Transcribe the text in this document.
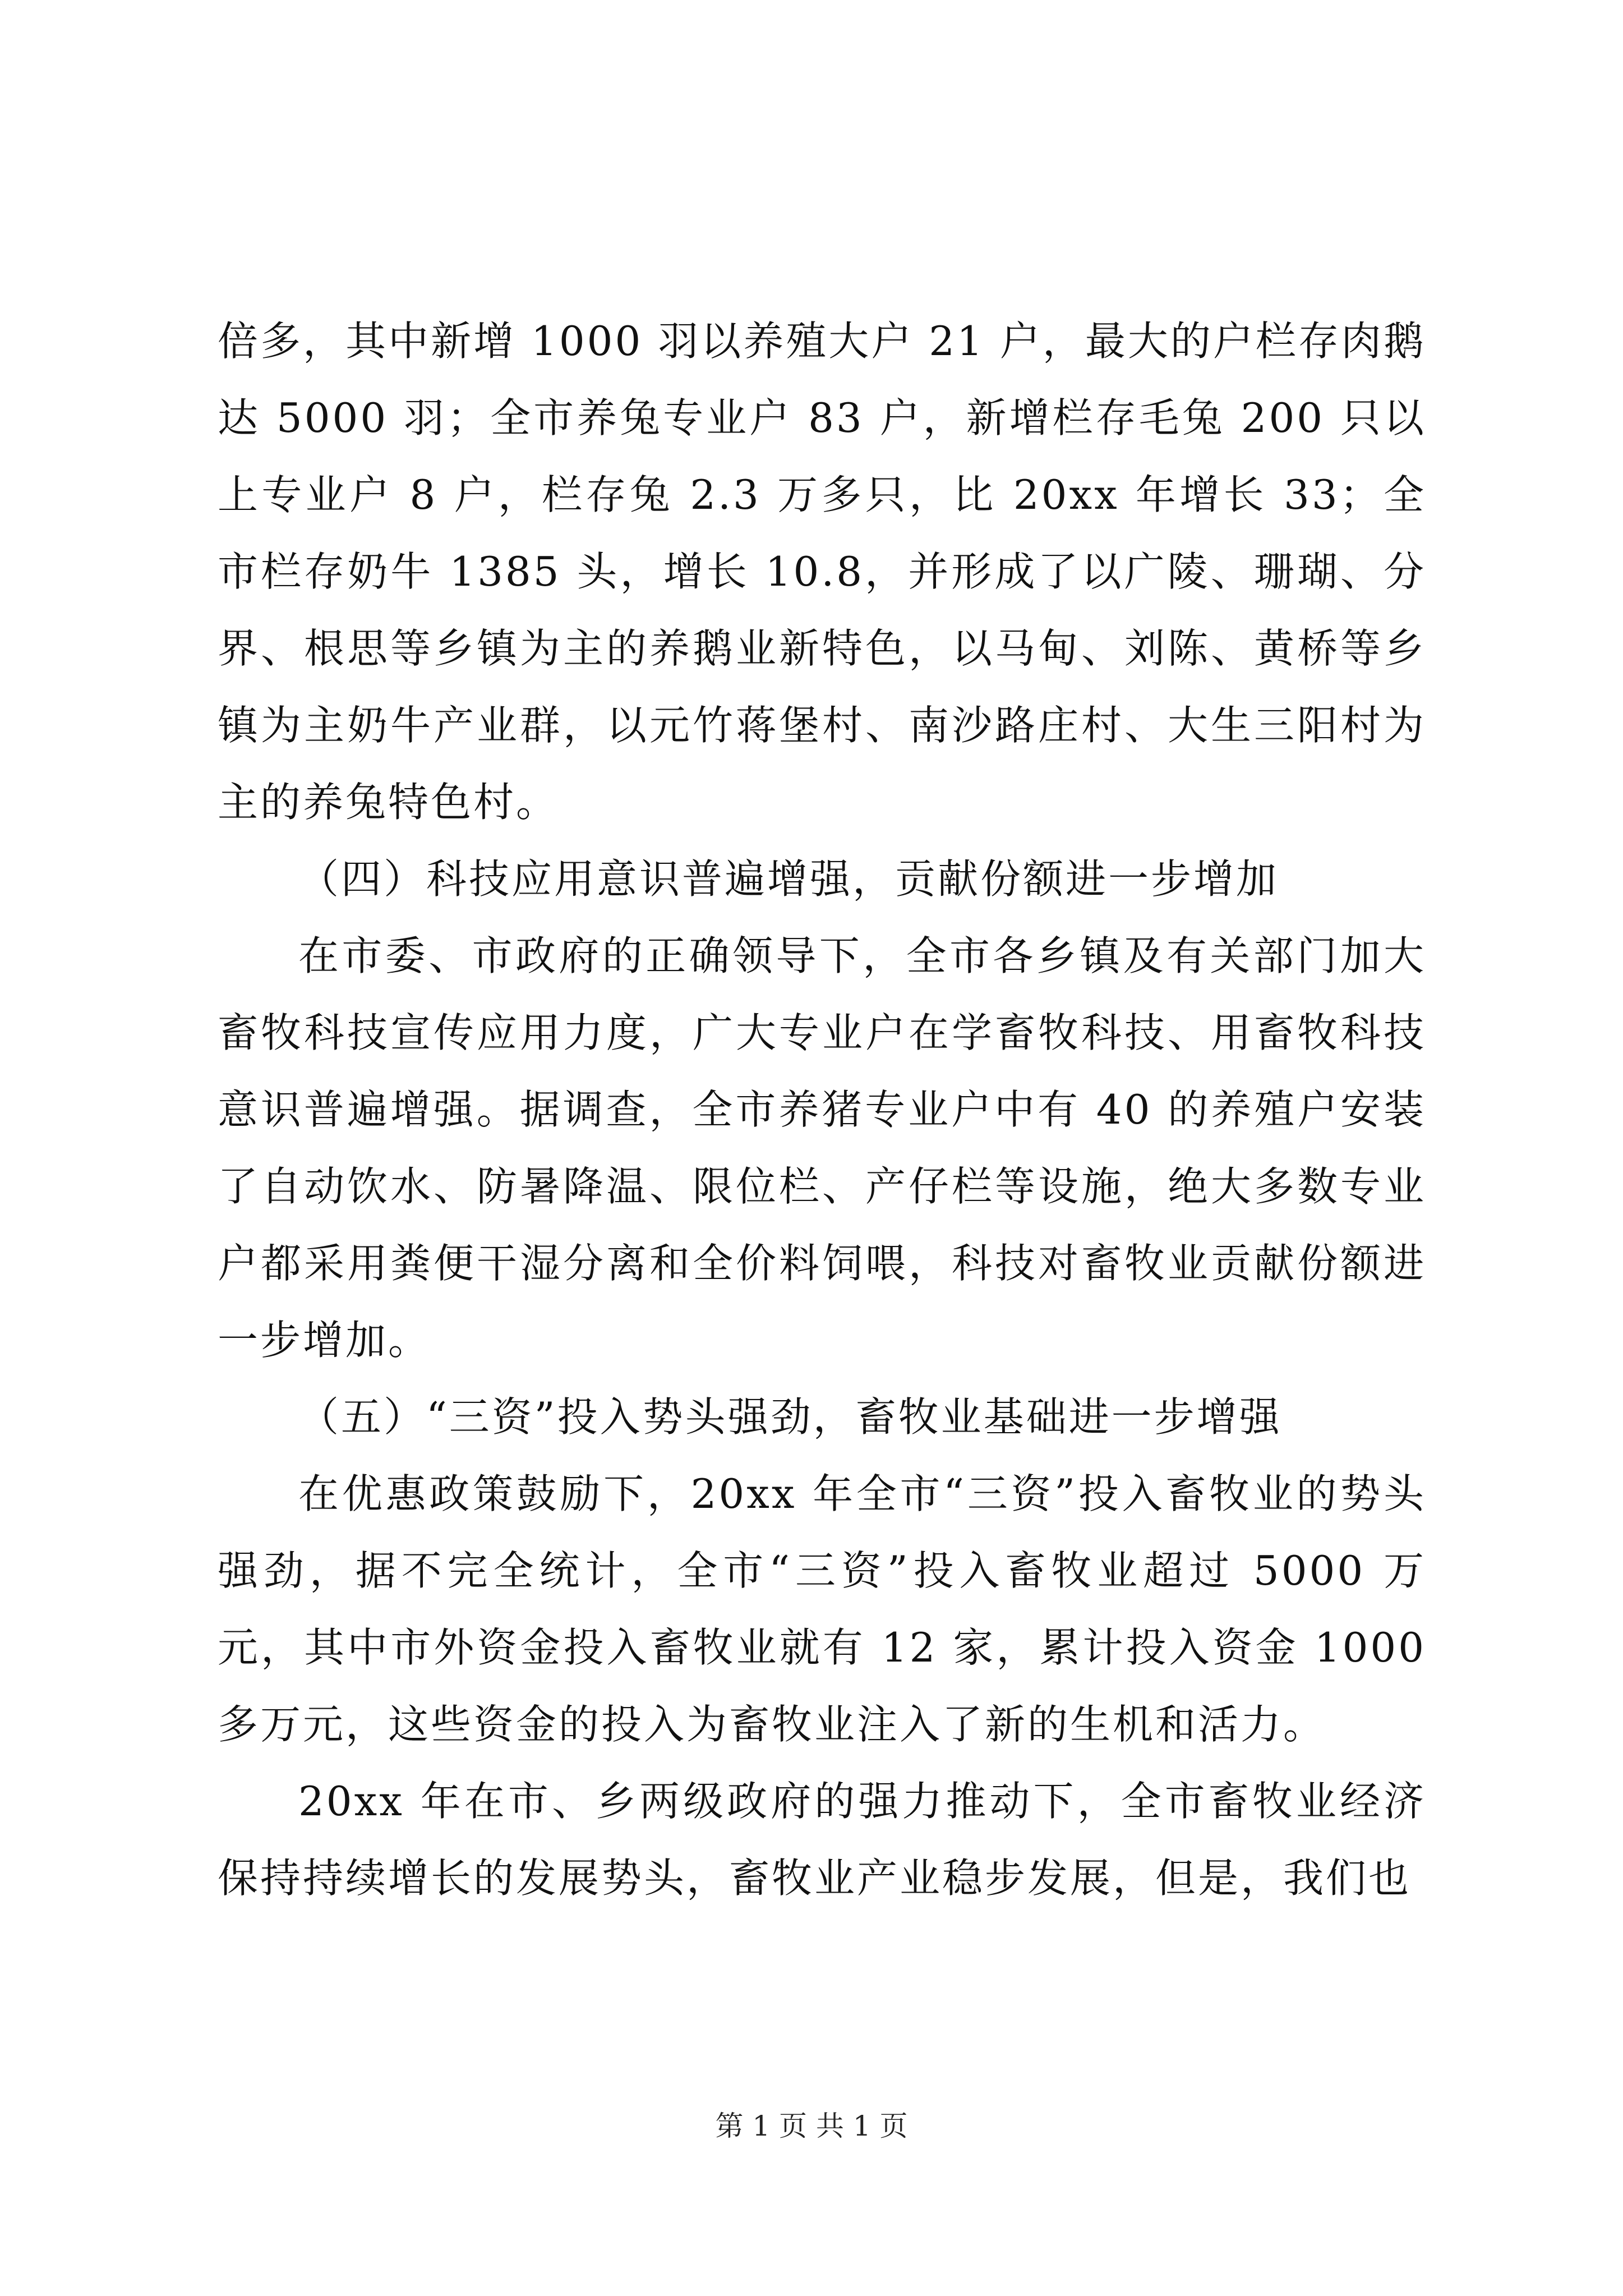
倍多，其中新增 1000 羽以养殖大户 21 户，最大的户栏存肉鹅达 5000 羽；全市养兔专业户 83 户，新增栏存毛兔 200 只以上专业户 8 户，栏存兔 2.3 万多只，比 20xx 年增长 33；全市栏存奶牛 1385 头，增长 10.8，并形成了以广陵、珊瑚、分界、根思等乡镇为主的养鹅业新特色，以马甸、刘陈、黄桥等乡镇为主奶牛产业群，以元竹蒋堡村、南沙路庄村、大生三阳村为主的养兔特色村。

（四）科技应用意识普遍增强，贡献份额进一步增加

在市委、市政府的正确领导下，全市各乡镇及有关部门加大畜牧科技宣传应用力度，广大专业户在学畜牧科技、用畜牧科技意识普遍增强。据调查，全市养猪专业户中有 40 的养殖户安装了自动饮水、防暑降温、限位栏、产仔栏等设施，绝大多数专业户都采用粪便干湿分离和全价料饲喂，科技对畜牧业贡献份额进一步增加。

（五）“三资”投入势头强劲，畜牧业基础进一步增强

在优惠政策鼓励下，20xx 年全市“三资”投入畜牧业的势头强劲，据不完全统计，全市“三资”投入畜牧业超过 5000 万元，其中市外资金投入畜牧业就有 12 家，累计投入资金 1000 多万元，这些资金的投入为畜牧业注入了新的生机和活力。

20xx 年在市、乡两级政府的强力推动下，全市畜牧业经济保持持续增长的发展势头，畜牧业产业稳步发展，但是，我们也

第 1 页 共 1 页
